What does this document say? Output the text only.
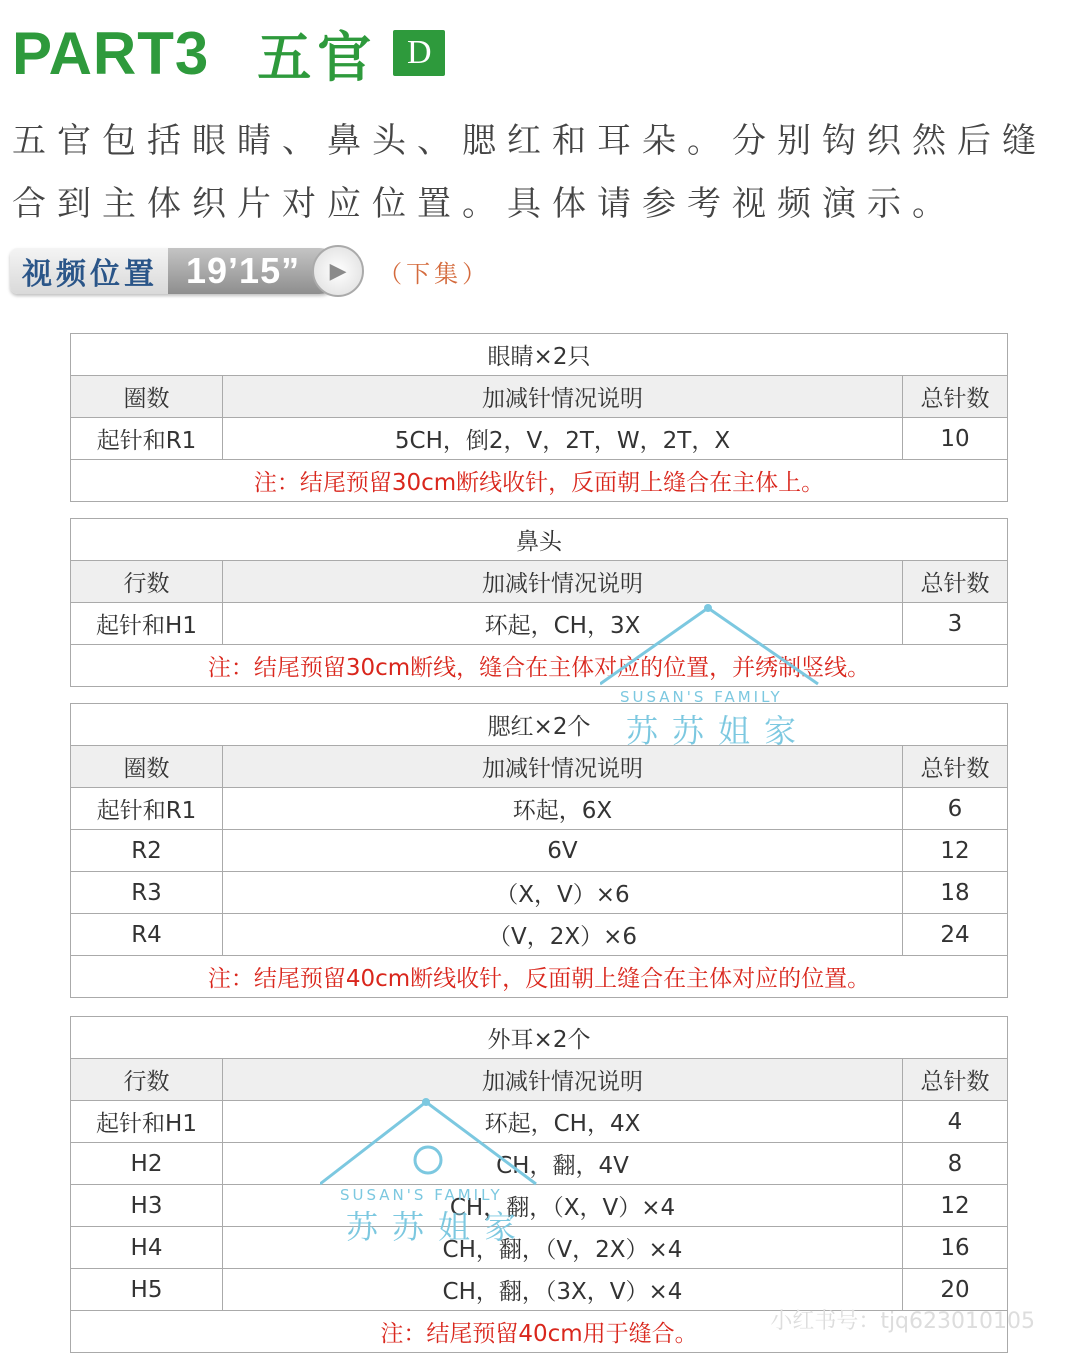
PART3 五官 D

五官包括眼睛、鼻头、腮红和耳朵。分别钩织然后缝

合到主体织片对应位置。具体请参考视频演示。

视频位置 19’15”	▶	（下集）
眼睛×2只		
圈数	加减针情况说明	总针数
起针和R1	5CH，倒2，V，2T，W，2T，X	10
注：结尾预留30cm断线收针，反面朝上缝合在主体上。		
鼻头		
行数	加减针情况说明	总针数
起针和H1	环起，CH，3X	3
注：结尾预留30cm断线，缝合在主体对应的位置，并绣制竖线。		
腮红×2个		
圈数	加减针情况说明	总针数
起针和R1	环起，6X	6
R2	6V	12
R3	（X，V）×6	18
R4	（V，2X）×6	24
注：结尾预留40cm断线收针，反面朝上缝合在主体对应的位置。		
外耳×2个		
行数	加减针情况说明	总针数
起针和H1	环起，CH，4X	4
H2	CH，翻，4V	8
H3	CH，翻，（X，V）×4	12
H4	CH，翻，（V，2X）×4	16
H5	CH，翻，（3X，V）×4	20
注：结尾预留40cm用于缝合。		
SUSAN'S FAMILY
苏苏姐家
SUSAN'S FAMILY
苏苏姐家
小红书号：tjq623010105
